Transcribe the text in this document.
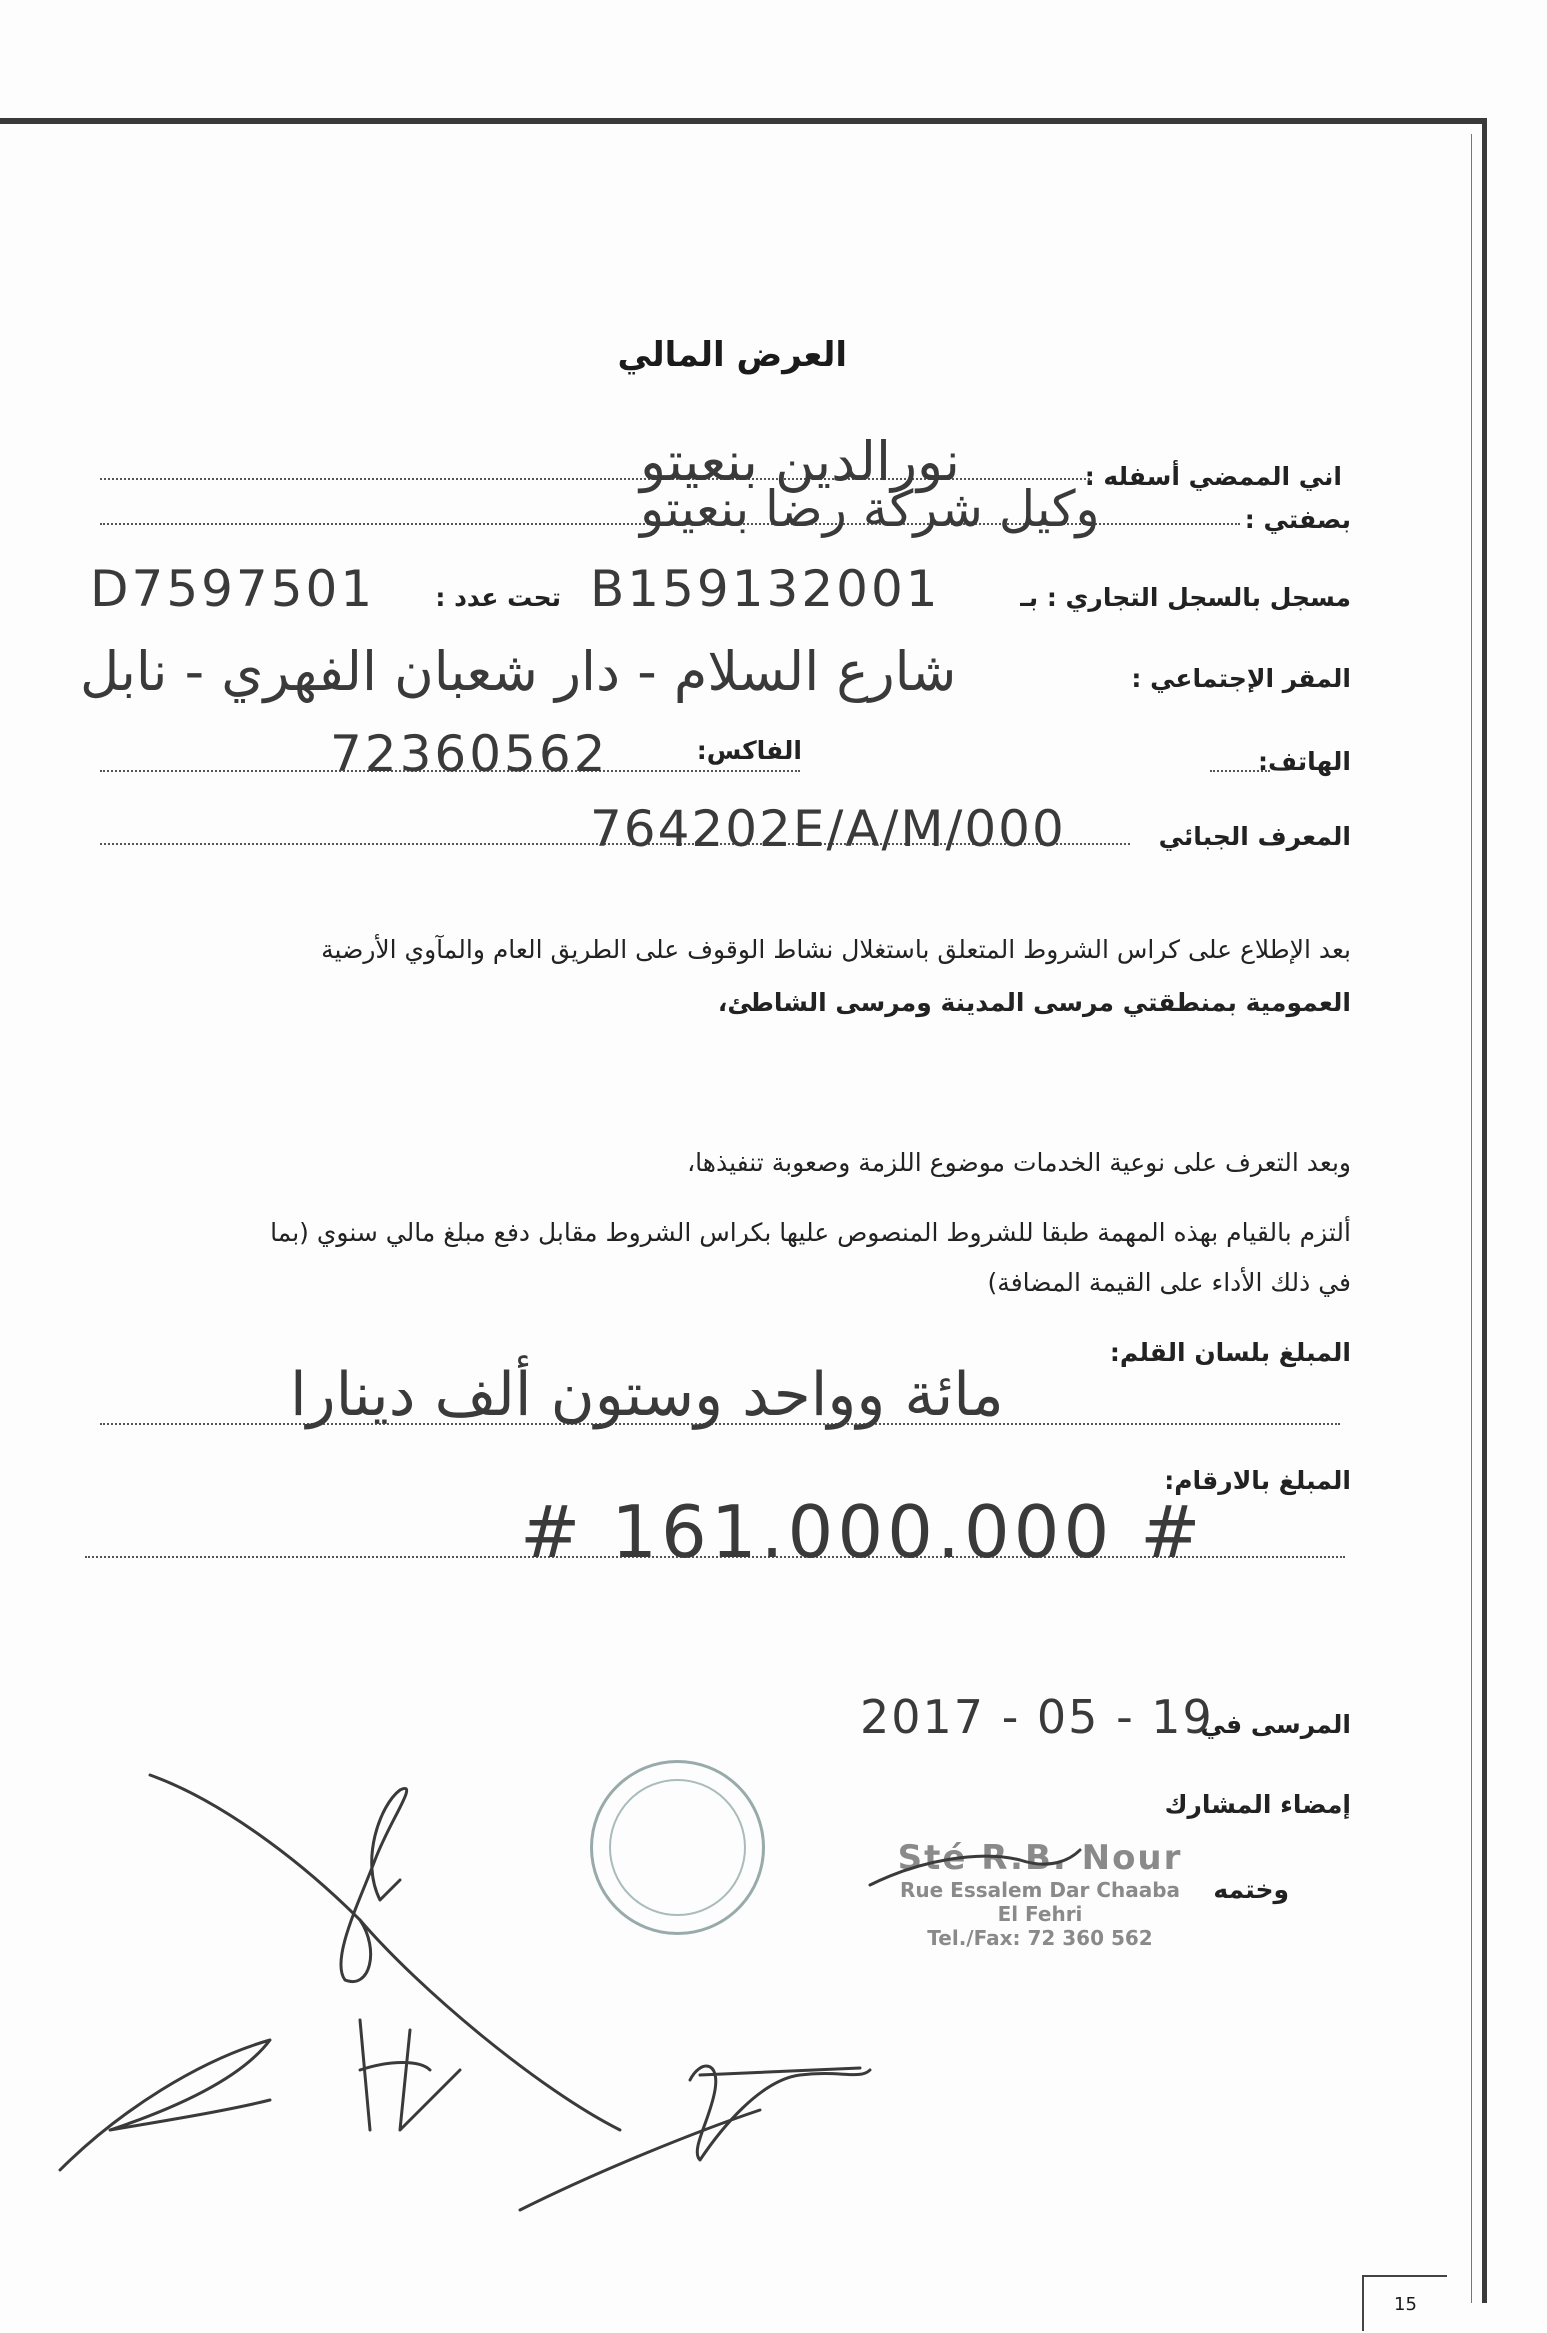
العرض المالي
اني الممضي أسفله :
نورالدين بنعيتو
بصفتي :
وكيل شركة رضا بنعيتو
مسجل بالسجل التجاري : بـ
B159132001
تحت عدد :
D7597501
المقر الإجتماعي :
شارع السلام - دار شعبان الفهري - نابل
الهاتف:
الفاكس:
72360562
المعرف الجبائي
764202E/A/M/000
بعد الإطلاع على كراس الشروط المتعلق باستغلال نشاط الوقوف على الطريق العام والمآوي الأرضية
العمومية بمنطقتي مرسى المدينة ومرسى الشاطئ،
وبعد التعرف على نوعية الخدمات موضوع اللزمة وصعوبة تنفيذها،
ألتزم بالقيام بهذه المهمة طبقا للشروط المنصوص عليها بكراس الشروط مقابل دفع مبلغ مالي سنوي (بما
في ذلك الأداء على القيمة المضافة)
المبلغ بلسان القلم:
مائة وواحد وستون ألف دينارا
المبلغ بالارقام:
# 161.000.000 #
المرسى في
2017 - 05 - 19
إمضاء المشارك
وختمه
Sté R.B. Nour
Rue Essalem Dar Chaaba
El Fehri
Tel./Fax: 72 360 562
15
